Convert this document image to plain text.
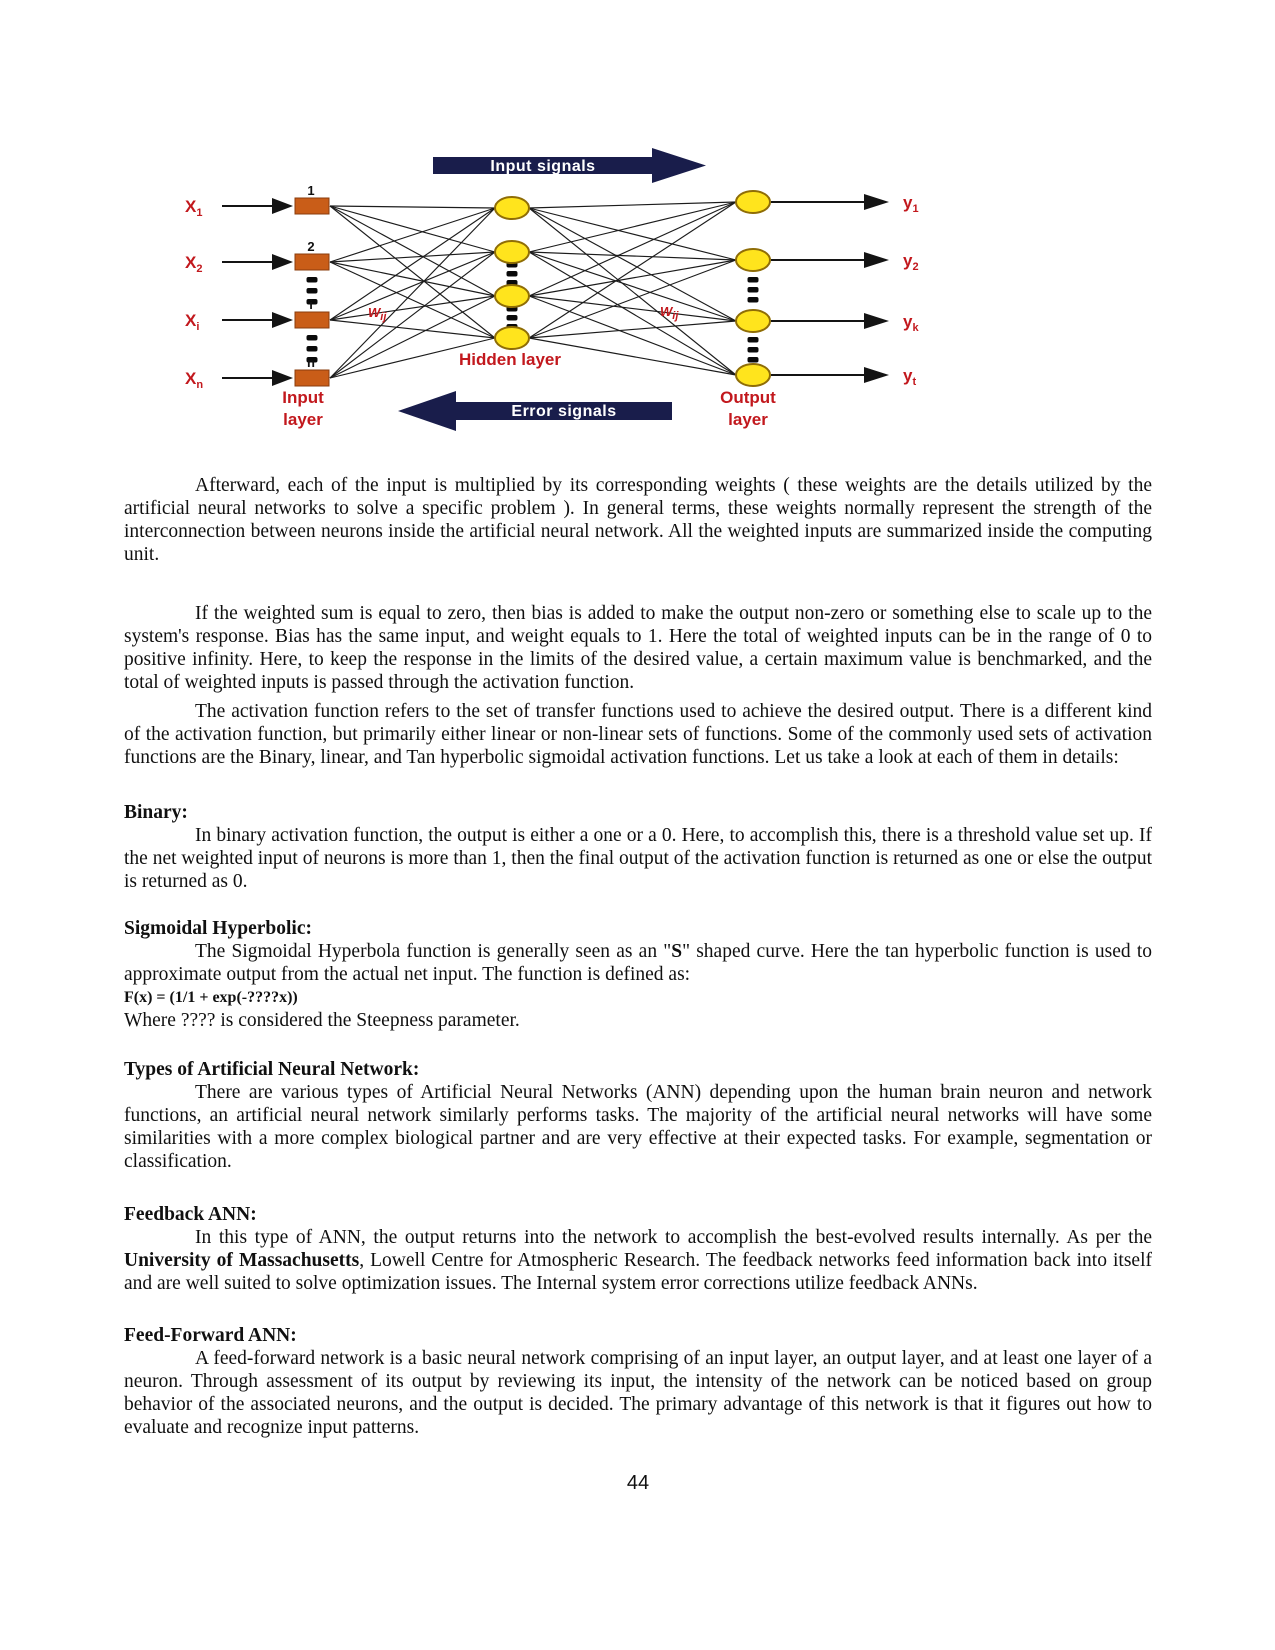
Input signals
Error signals
$X_1$
1
$X_2$
2
$X_i$
i
$X_n$
n
$y_1$
$y_2$
$y_k$
$y_t$
$W_{ij}$	$W_{ij}$
Input
layer
Hidden layer
Output
layer

Afterward, each of the input is multiplied by its corresponding weights ( these weights are the details utilized by the artificial neural networks to solve a specific problem ). In general terms, these weights normally represent the strength of the interconnection between neurons inside the artificial neural network. All the weighted inputs are summarized inside the computing unit.

If the weighted sum is equal to zero, then bias is added to make the output non-zero or something else to scale up to the system's response. Bias has the same input, and weight equals to 1. Here the total of weighted inputs can be in the range of 0 to positive infinity. Here, to keep the response in the limits of the desired value, a certain maximum value is benchmarked, and the total of weighted inputs is passed through the activation function.

The activation function refers to the set of transfer functions used to achieve the desired output. There is a different kind of the activation function, but primarily either linear or non-linear sets of functions. Some of the commonly used sets of activation functions are the Binary, linear, and Tan hyperbolic sigmoidal activation functions. Let us take a look at each of them in details:

Binary:

In binary activation function, the output is either a one or a 0. Here, to accomplish this, there is a threshold value set up. If the net weighted input of neurons is more than 1, then the final output of the activation function is returned as one or else the output is returned as 0.

Sigmoidal Hyperbolic:

The Sigmoidal Hyperbola function is generally seen as an "S" shaped curve. Here the tan hyperbolic function is used to approximate output from the actual net input. The function is defined as:

F(x) = (1/1 + exp(-????x))

Where ???? is considered the Steepness parameter.

Types of Artificial Neural Network:

There are various types of Artificial Neural Networks (ANN) depending upon the human brain neuron and network functions, an artificial neural network similarly performs tasks. The majority of the artificial neural networks will have some similarities with a more complex biological partner and are very effective at their expected tasks. For example, segmentation or classification.

Feedback ANN:

In this type of ANN, the output returns into the network to accomplish the best-evolved results internally. As per the University of Massachusetts, Lowell Centre for Atmospheric Research. The feedback networks feed information back into itself and are well suited to solve optimization issues. The Internal system error corrections utilize feedback ANNs.

Feed-Forward ANN:

A feed-forward network is a basic neural network comprising of an input layer, an output layer, and at least one layer of a neuron. Through assessment of its output by reviewing its input, the intensity of the network can be noticed based on group behavior of the associated neurons, and the output is decided. The primary advantage of this network is that it figures out how to evaluate and recognize input patterns.

44
